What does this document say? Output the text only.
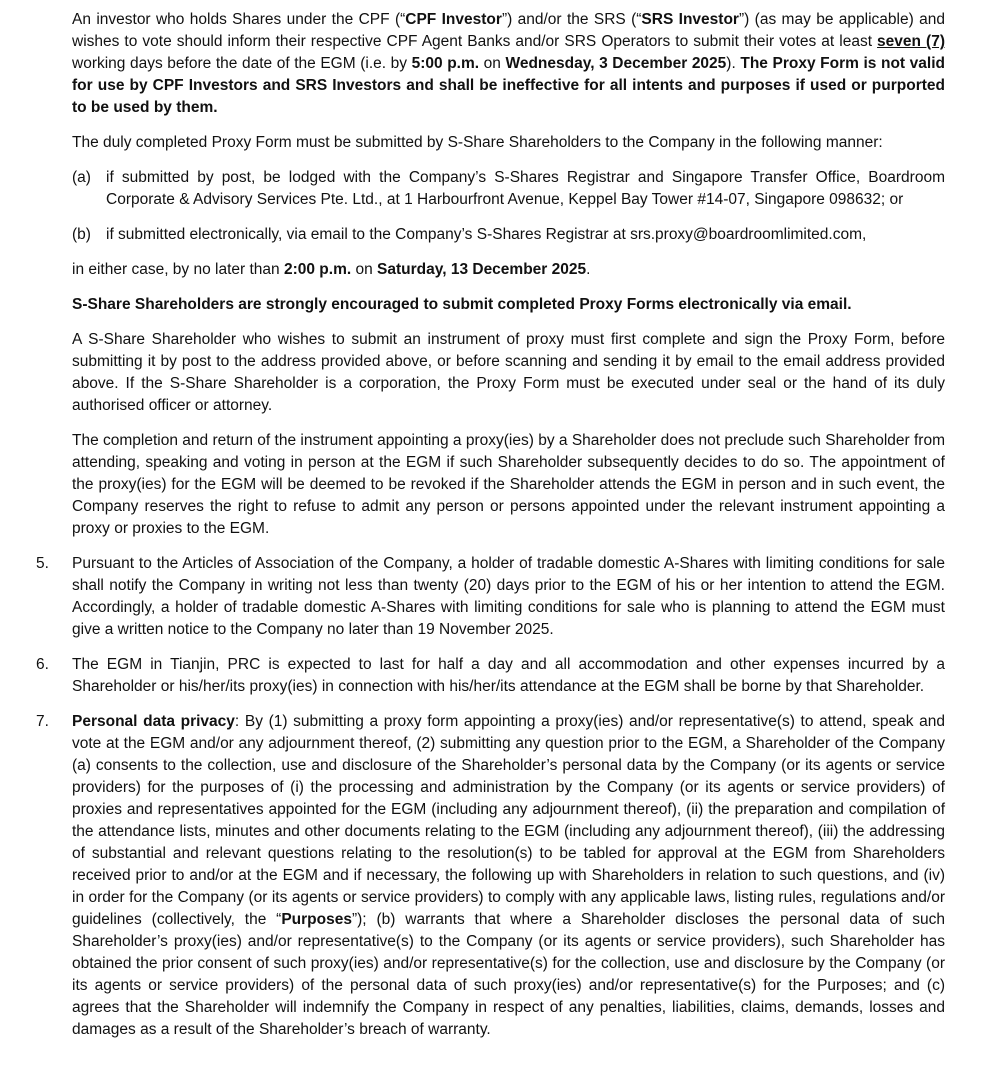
An investor who holds Shares under the CPF (“CPF Investor”) and/or the SRS (“SRS Investor”) (as may be applicable) and wishes to vote should inform their respective CPF Agent Banks and/or SRS Operators to submit their votes at least seven (7) working days before the date of the EGM (i.e. by 5:00 p.m. on Wednesday, 3 December 2025). The Proxy Form is not valid for use by CPF Investors and SRS Investors and shall be ineffective for all intents and purposes if used or purported to be used by them.
The duly completed Proxy Form must be submitted by S-Share Shareholders to the Company in the following manner:
(a) if submitted by post, be lodged with the Company’s S-Shares Registrar and Singapore Transfer Office, Boardroom Corporate & Advisory Services Pte. Ltd., at 1 Harbourfront Avenue, Keppel Bay Tower #14-07, Singapore 098632; or
(b) if submitted electronically, via email to the Company’s S-Shares Registrar at srs.proxy@boardroomlimited.com,
in either case, by no later than 2:00 p.m. on Saturday, 13 December 2025.
S-Share Shareholders are strongly encouraged to submit completed Proxy Forms electronically via email.
A S-Share Shareholder who wishes to submit an instrument of proxy must first complete and sign the Proxy Form, before submitting it by post to the address provided above, or before scanning and sending it by email to the email address provided above. If the S-Share Shareholder is a corporation, the Proxy Form must be executed under seal or the hand of its duly authorised officer or attorney.
The completion and return of the instrument appointing a proxy(ies) by a Shareholder does not preclude such Shareholder from attending, speaking and voting in person at the EGM if such Shareholder subsequently decides to do so. The appointment of the proxy(ies) for the EGM will be deemed to be revoked if the Shareholder attends the EGM in person and in such event, the Company reserves the right to refuse to admit any person or persons appointed under the relevant instrument appointing a proxy or proxies to the EGM.
5.	Pursuant to the Articles of Association of the Company, a holder of tradable domestic A-Shares with limiting conditions for sale shall notify the Company in writing not less than twenty (20) days prior to the EGM of his or her intention to attend the EGM. Accordingly, a holder of tradable domestic A-Shares with limiting conditions for sale who is planning to attend the EGM must give a written notice to the Company no later than 19 November 2025.
6.	The EGM in Tianjin, PRC is expected to last for half a day and all accommodation and other expenses incurred by a Shareholder or his/her/its proxy(ies) in connection with his/her/its attendance at the EGM shall be borne by that Shareholder.
7.	Personal data privacy: By (1) submitting a proxy form appointing a proxy(ies) and/or representative(s) to attend, speak and vote at the EGM and/or any adjournment thereof, (2) submitting any question prior to the EGM, a Shareholder of the Company (a) consents to the collection, use and disclosure of the Shareholder’s personal data by the Company (or its agents or service providers) for the purposes of (i) the processing and administration by the Company (or its agents or service providers) of proxies and representatives appointed for the EGM (including any adjournment thereof), (ii) the preparation and compilation of the attendance lists, minutes and other documents relating to the EGM (including any adjournment thereof), (iii) the addressing of substantial and relevant questions relating to the resolution(s) to be tabled for approval at the EGM from Shareholders received prior to and/or at the EGM and if necessary, the following up with Shareholders in relation to such questions, and (iv) in order for the Company (or its agents or service providers) to comply with any applicable laws, listing rules, regulations and/or guidelines (collectively, the “Purposes”); (b) warrants that where a Shareholder discloses the personal data of such Shareholder’s proxy(ies) and/or representative(s) to the Company (or its agents or service providers), such Shareholder has obtained the prior consent of such proxy(ies) and/or representative(s) for the collection, use and disclosure by the Company (or its agents or service providers) of the personal data of such proxy(ies) and/or representative(s) for the Purposes; and (c) agrees that the Shareholder will indemnify the Company in respect of any penalties, liabilities, claims, demands, losses and damages as a result of the Shareholder’s breach of warranty.
